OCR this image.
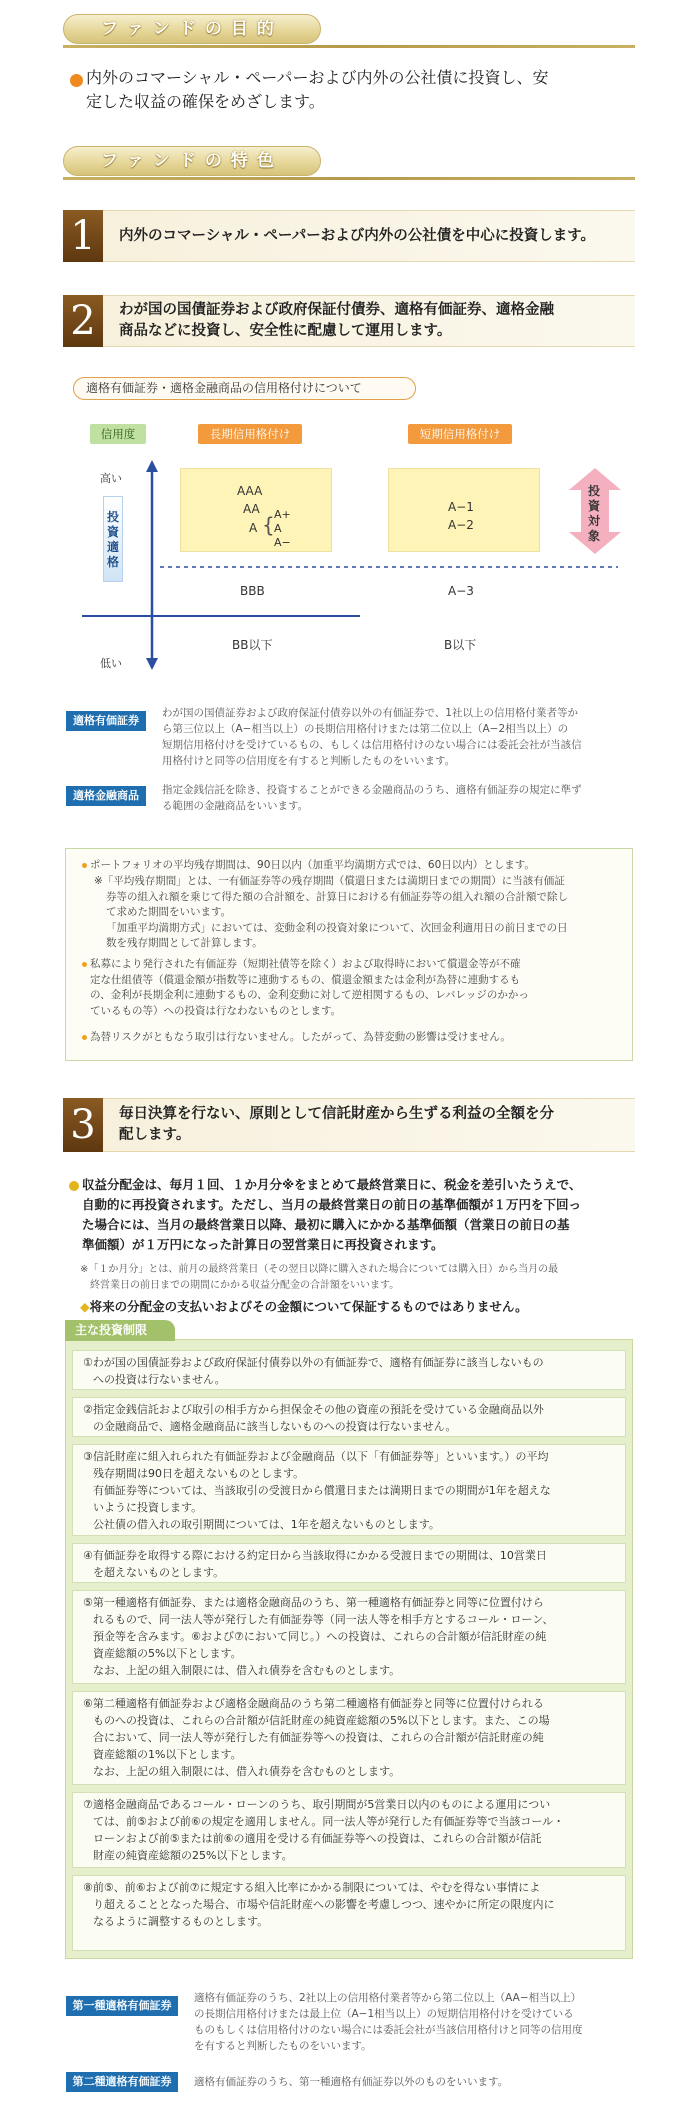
ファンドの目的
内外のコマーシャル・ペーパーおよび内外の公社債に投資し、安
定した収益の確保をめざします。
ファンドの特色
1	内外のコマーシャル・ペーパーおよび内外の公社債を中心に投資します。

2	わが国の国債証券および政府保証付債券、適格有価証券、適格金融
商品などに投資し、安全性に配慮して運用します。

適格有価証券・適格金融商品の信用格付けについて
信用度	長期信用格付け	短期信用格付け
高い
低い
投資適格
AAA
AA
A { A+
A
A−
A−1
A−2
投資対象
BBB	A−3
BB以下	B以下
適格有価証券
わが国の国債証券および政府保証付債券以外の有価証券で、1社以上の信用格付業者等か
ら第三位以上（A−相当以上）の長期信用格付けまたは第二位以上（A−2相当以上）の
短期信用格付けを受けているもの、もしくは信用格付けのない場合には委託会社が当該信
用格付けと同等の信用度を有すると判断したものをいいます。
適格金融商品	指定金銭信託を除き、投資することができる金融商品のうち、適格有価証券の規定に準ず
る範囲の金融商品をいいます。
ポートフォリオの平均残存期間は、90日以内（加重平均満期方式では、60日以内）とします。
※「平均残存期間」とは、一有価証券等の残存期間（償還日または満期日までの期間）に当該有価証
券等の組入れ額を乗じて得た額の合計額を、計算日における有価証券等の組入れ額の合計額で除し
て求めた期間をいいます。
「加重平均満期方式」においては、変動金利の投資対象について、次回金利適用日の前日までの日
数を残存期間として計算します。
私募により発行された有価証券（短期社債等を除く）および取得時において償還金等が不確
定な仕組債等（償還金額が指数等に連動するもの、償還金額または金利が為替に連動するも
の、金利が長期金利に連動するもの、金利変動に対して逆相関するもの、レバレッジのかかっ
ているもの等）への投資は行なわないものとします。
為替リスクがともなう取引は行ないません。したがって、為替変動の影響は受けません。
3	毎日決算を行ない、原則として信託財産から生ずる利益の全額を分
配します。

収益分配金は、毎月１回、１か月分※をまとめて最終営業日に、税金を差引いたうえで、
自動的に再投資されます。ただし、当月の最終営業日の前日の基準価額が１万円を下回っ
た場合には、当月の最終営業日以降、最初に購入にかかる基準価額（営業日の前日の基
準価額）が１万円になった計算日の翌営業日に再投資されます。
※「１か月分」とは、前月の最終営業日（その翌日以降に購入された場合については購入日）から当月の最
終営業日の前日までの期間にかかる収益分配金の合計額をいいます。
◆将来の分配金の支払いおよびその金額について保証するものではありません。
主な投資制限
①わが国の国債証券および政府保証付債券以外の有価証券で、適格有価証券に該当しないもの
への投資は行ないません。
②指定金銭信託および取引の相手方から担保金その他の資産の預託を受けている金融商品以外
の金融商品で、適格金融商品に該当しないものへの投資は行ないません。
③信託財産に組入れられた有価証券および金融商品（以下「有価証券等」といいます。）の平均
残存期間は90日を超えないものとします。
有価証券等については、当該取引の受渡日から償還日または満期日までの期間が1年を超えな
いように投資します。
公社債の借入れの取引期間については、1年を超えないものとします。
④有価証券を取得する際における約定日から当該取得にかかる受渡日までの期間は、10営業日
を超えないものとします。
⑤第一種適格有価証券、または適格金融商品のうち、第一種適格有価証券と同等に位置付けら
れるもので、同一法人等が発行した有価証券等（同一法人等を相手方とするコール・ローン、
預金等を含みます。⑥および⑦において同じ。）への投資は、これらの合計額が信託財産の純
資産総額の5%以下とします。
なお、上記の組入制限には、借入れ債券を含むものとします。
⑥第二種適格有価証券および適格金融商品のうち第二種適格有価証券と同等に位置付けられる
ものへの投資は、これらの合計額が信託財産の純資産総額の5%以下とします。また、この場
合において、同一法人等が発行した有価証券等への投資は、これらの合計額が信託財産の純
資産総額の1%以下とします。
なお、上記の組入制限には、借入れ債券を含むものとします。
⑦適格金融商品であるコール・ローンのうち、取引期間が5営業日以内のものによる運用につい
ては、前⑤および前⑥の規定を適用しません。同一法人等が発行した有価証券等で当該コール・
ローンおよび前⑤または前⑥の適用を受ける有価証券等への投資は、これらの合計額が信託
財産の純資産総額の25%以下とします。
⑧前⑤、前⑥および前⑦に規定する組入比率にかかる制限については、やむを得ない事情によ
り超えることとなった場合、市場や信託財産への影響を考慮しつつ、速やかに所定の限度内に
なるように調整するものとします。
第一種適格有価証券
適格有価証券のうち、2社以上の信用格付業者等から第二位以上（AA−相当以上）
の長期信用格付けまたは最上位（A−1相当以上）の短期信用格付けを受けている
ものもしくは信用格付けのない場合には委託会社が当該信用格付けと同等の信用度
を有すると判断したものをいいます。
第二種適格有価証券	適格有価証券のうち、第一種適格有価証券以外のものをいいます。
